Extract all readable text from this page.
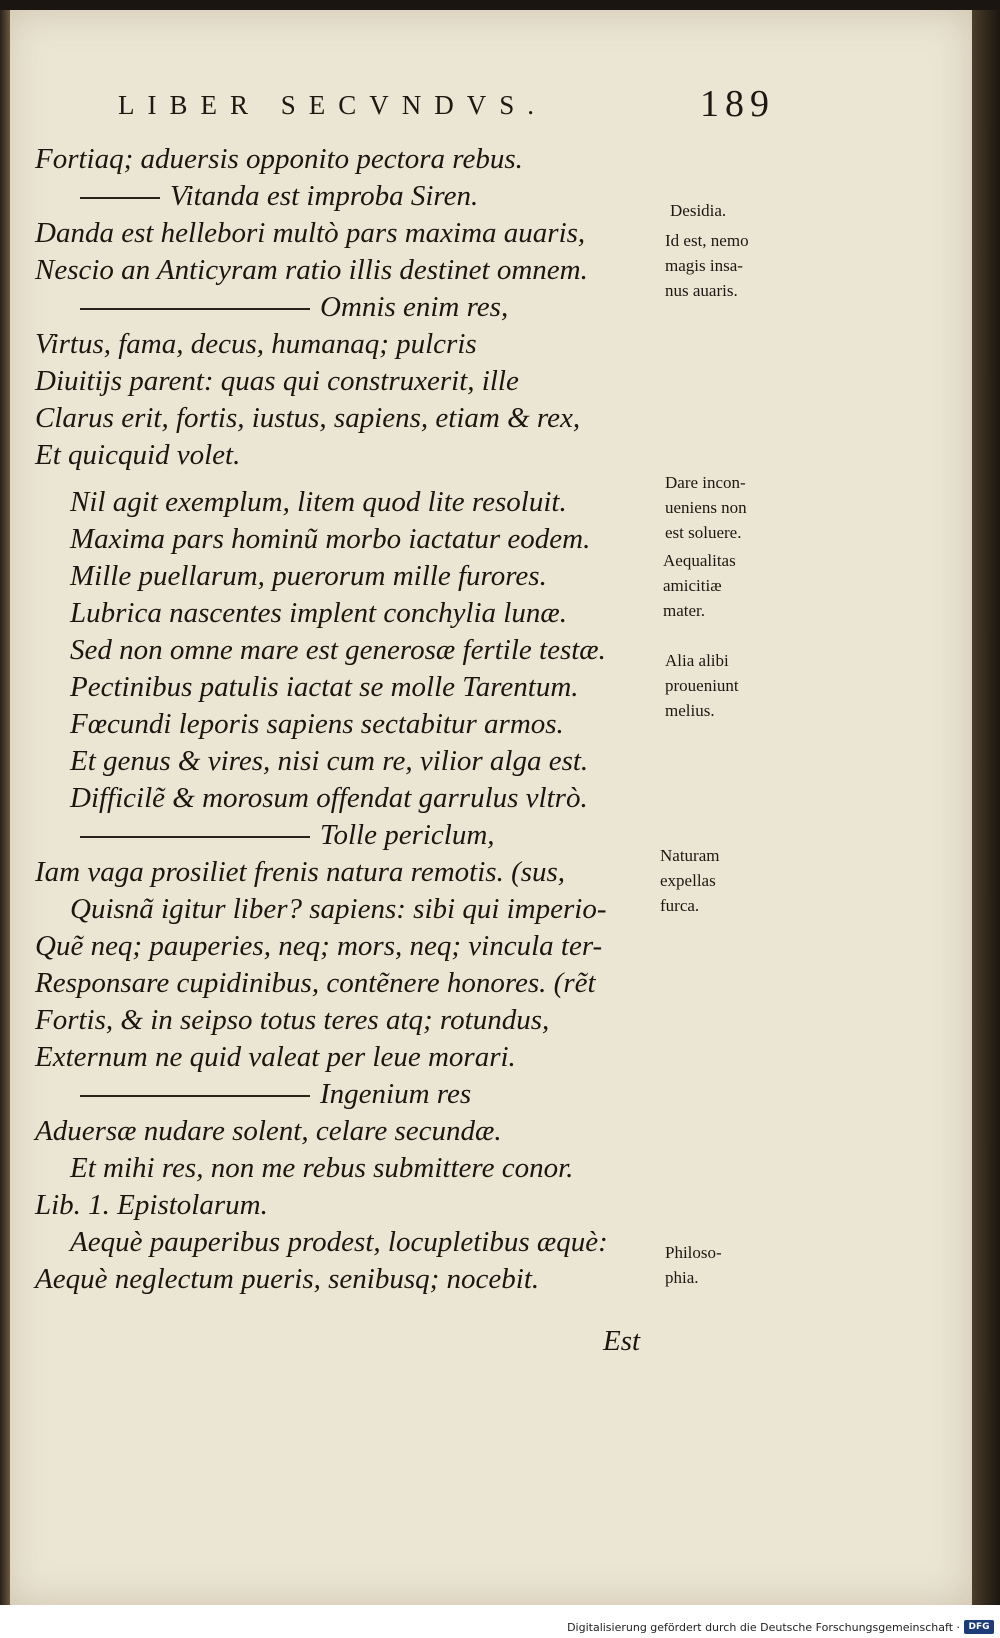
LIBER SECVNDVS.	189
Fortiaq; aduersis opponito pectora rebus.
Vitanda est improba Siren.
Danda est hellebori multò pars maxima auaris,
Nescio an Anticyram ratio illis destinet omnem.
Omnis enim res,
Virtus, fama, decus, humanaq; pulcris
Diuitijs parent: quas qui construxerit, ille
Clarus erit, fortis, iustus, sapiens, etiam & rex,
Et quicquid volet.
Nil agit exemplum, litem quod lite resoluit.
Maxima pars hominũ morbo iactatur eodem.
Mille puellarum, puerorum mille furores.
Lubrica nascentes implent conchylia lunæ.
Sed non omne mare est generosæ fertile testæ.
Pectinibus patulis iactat se molle Tarentum.
Fœcundi leporis sapiens sectabitur armos.
Et genus & vires, nisi cum re, vilior alga est.
Difficilẽ & morosum offendat garrulus vltrò.
Tolle periclum,
Iam vaga prosiliet frenis natura remotis. (sus,
Quisnã igitur liber? sapiens: sibi qui imperio-
Quẽ neq; pauperies, neq; mors, neq; vincula ter-
Responsare cupidinibus, contẽnere honores. (rẽt
Fortis, & in seipso totus teres atq; rotundus,
Externum ne quid valeat per leue morari.
Ingenium res
Aduersæ nudare solent, celare secundæ.
Et mihi res, non me rebus submittere conor.
Lib. 1. Epistolarum.
Aequè pauperibus prodest, locupletibus æquè:
Aequè neglectum pueris, senibusq; nocebit.
Desidia.
Id est, nemo
magis insa-
nus auaris.
Dare incon-
ueniens non
est soluere.
Aequalitas
amicitiæ
mater.
Alia alibi
proueniunt
melius.
Naturam
expellas
furca.
Philoso-
phia.
Est
Digitalisierung gefördert durch die Deutsche Forschungsgemeinschaft · DFG
